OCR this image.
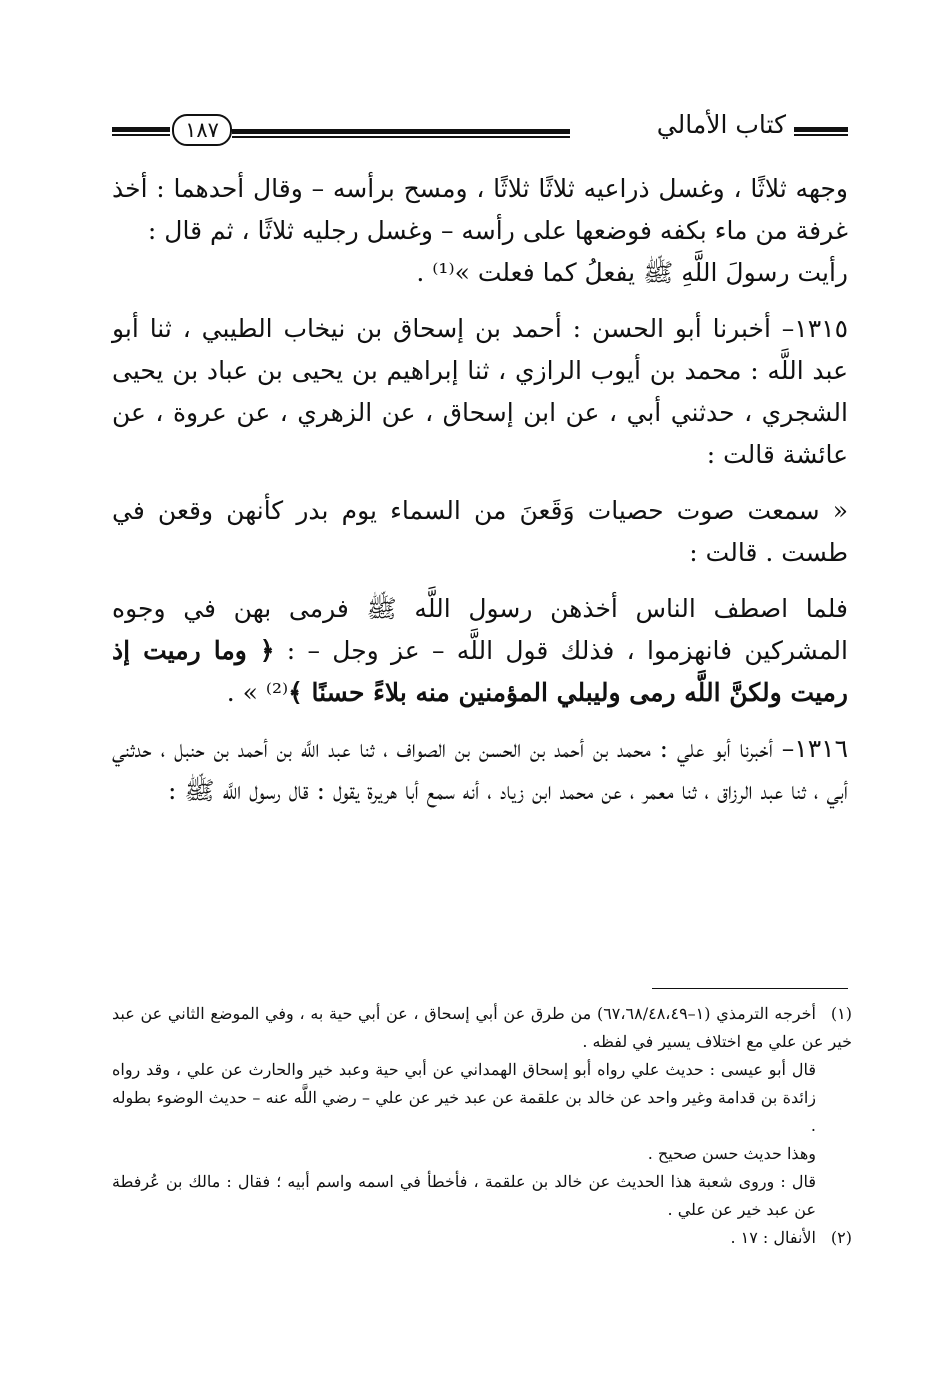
كتاب الأمالي
١٨٧

وجهه ثلاثًا ، وغسل ذراعيه ثلاثًا ثلاثًا ، ومسح برأسه – وقال أحدهما : أخذ غرفة من ماء بكفه فوضعها على رأسه – وغسل رجليه ثلاثًا ، ثم قال :

رأيت رسولَ اللَّهِ ﷺ يفعلُ كما فعلت »⁽¹⁾ .

١٣١٥– أخبرنا أبو الحسن : أحمد بن إسحاق بن نيخاب الطيبي ، ثنا أبو عبد اللَّه : محمد بن أيوب الرازي ، ثنا إبراهيم بن يحيى بن عباد بن يحيى الشجري ، حدثني أبي ، عن ابن إسحاق ، عن الزهري ، عن عروة ، عن عائشة قالت :

« سمعت صوت حصيات وَقَعنَ من السماء يوم بدر كأنهن وقعن في طست . قالت :

فلما اصطف الناس أخذهن رسول اللَّه ﷺ فرمى بهن في وجوه المشركين فانهزموا ، فذلك قول اللَّه – عز وجل – : ﴿ وما رميت إذ رميت ولكنَّ اللَّه رمى وليبلي المؤمنين منه بلاءً حسنًا ﴾⁽²⁾ » .

١٣١٦– أخبرنا أبو علي : محمد بن أحمد بن الحسن بن الصواف ، ثنا عبد اللَّه بن أحمد بن حنبل ، حدثني أبي ، ثنا عبد الرزاق ، ثنا معمر ، عن محمد ابن زياد ، أنه سمع أبا هريرة يقول : قال رسول اللَّه ﷺ :

(١)أخرجه الترمذي (١–٦٧،٦٨/٤٨،٤٩) من طرق عن أبي إسحاق ، عن أبي حية به ، وفي الموضع الثاني عن عبد خير عن علي مع اختلاف يسير في لفظه .

قال أبو عيسى : حديث علي رواه أبو إسحاق الهمداني عن أبي حية وعبد خير والحارث عن علي ، وقد رواه زائدة بن قدامة وغير واحد عن خالد بن علقمة عن عبد خير عن علي – رضي اللَّه عنه – حديث الوضوء بطوله .

وهذا حديث حسن صحيح .

قال : وروى شعبة هذا الحديث عن خالد بن علقمة ، فأخطأ في اسمه واسم أبيه ؛ فقال : مالك بن عُرفطة عن عبد خير عن علي .

(٢)الأنفال : ١٧ .
